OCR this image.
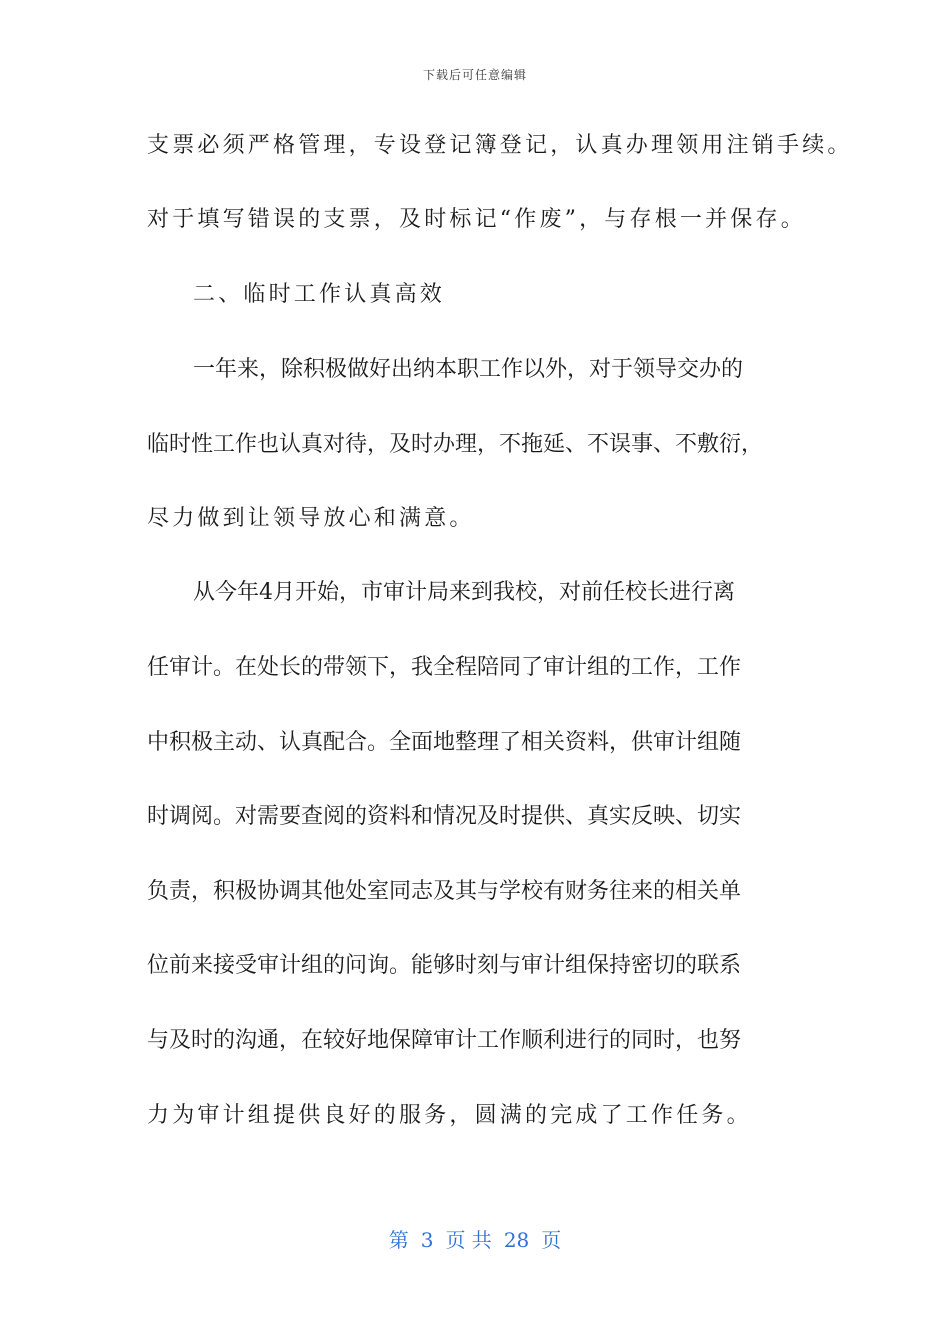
下载后可任意编辑
支票必须严格管理，专设登记簿登记，认真办理领用注销手续。
对于填写错误的支票，及时标记“作废”，与存根一并保存。
二、临时工作认真高效
一年来，除积极做好出纳本职工作以外，对于领导交办的
临时性工作也认真对待，及时办理，不拖延、不误事、不敷衍，
尽力做到让领导放心和满意。
从今年4月开始，市审计局来到我校，对前任校长进行离
任审计。在处长的带领下，我全程陪同了审计组的工作，工作
中积极主动、认真配合。全面地整理了相关资料，供审计组随
时调阅。对需要查阅的资料和情况及时提供、真实反映、切实
负责，积极协调其他处室同志及其与学校有财务往来的相关单
位前来接受审计组的问询。能够时刻与审计组保持密切的联系
与及时的沟通，在较好地保障审计工作顺利进行的同时，也努
力为审计组提供良好的服务，圆满的完成了工作任务。
第 3 页 共 28 页
